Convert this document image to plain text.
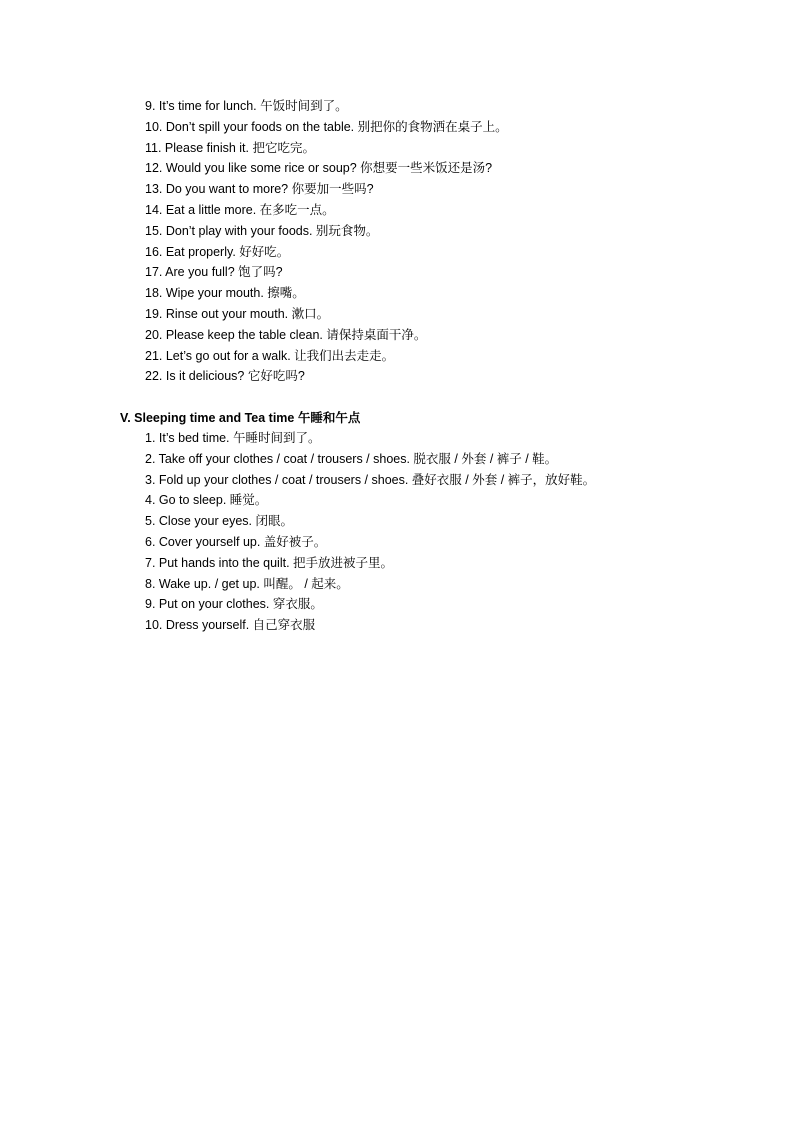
9. It’s time for lunch. 午饭时间到了。
10. Don’t spill your foods on the table. 别把你的食物洒在桌子上。
11. Please finish it. 把它吃完。
12. Would you like some rice or soup? 你想要一些米饭还是汤?
13. Do you want to more? 你要加一些吗?
14. Eat a little more. 在多吃一点。
15. Don’t play with your foods. 别玩食物。
16. Eat properly. 好好吃。
17. Are you full? 饱了吗?
18. Wipe your mouth. 擦嘴。
19. Rinse out your mouth. 漱口。
20. Please keep the table clean. 请保持桌面干净。
21. Let’s go out for a walk. 让我们出去走走。
22. Is it delicious? 它好吃吗?
V. Sleeping time and Tea time 午睡和午点
1. It’s bed time. 午睡时间到了。
2. Take off your clothes / coat / trousers / shoes. 脱衣服 / 外套 / 裤子 / 鞋。
3. Fold up your clothes / coat / trousers / shoes. 叠好衣服 / 外套 / 裤子，放好鞋。
4. Go to sleep. 睡觉。
5. Close your eyes. 闭眼。
6. Cover yourself up. 盖好被子。
7. Put hands into the quilt. 把手放进被子里。
8. Wake up. / get up. 叫醒。 / 起来。
9. Put on your clothes. 穿衣服。
10. Dress yourself. 自己穿衣服
